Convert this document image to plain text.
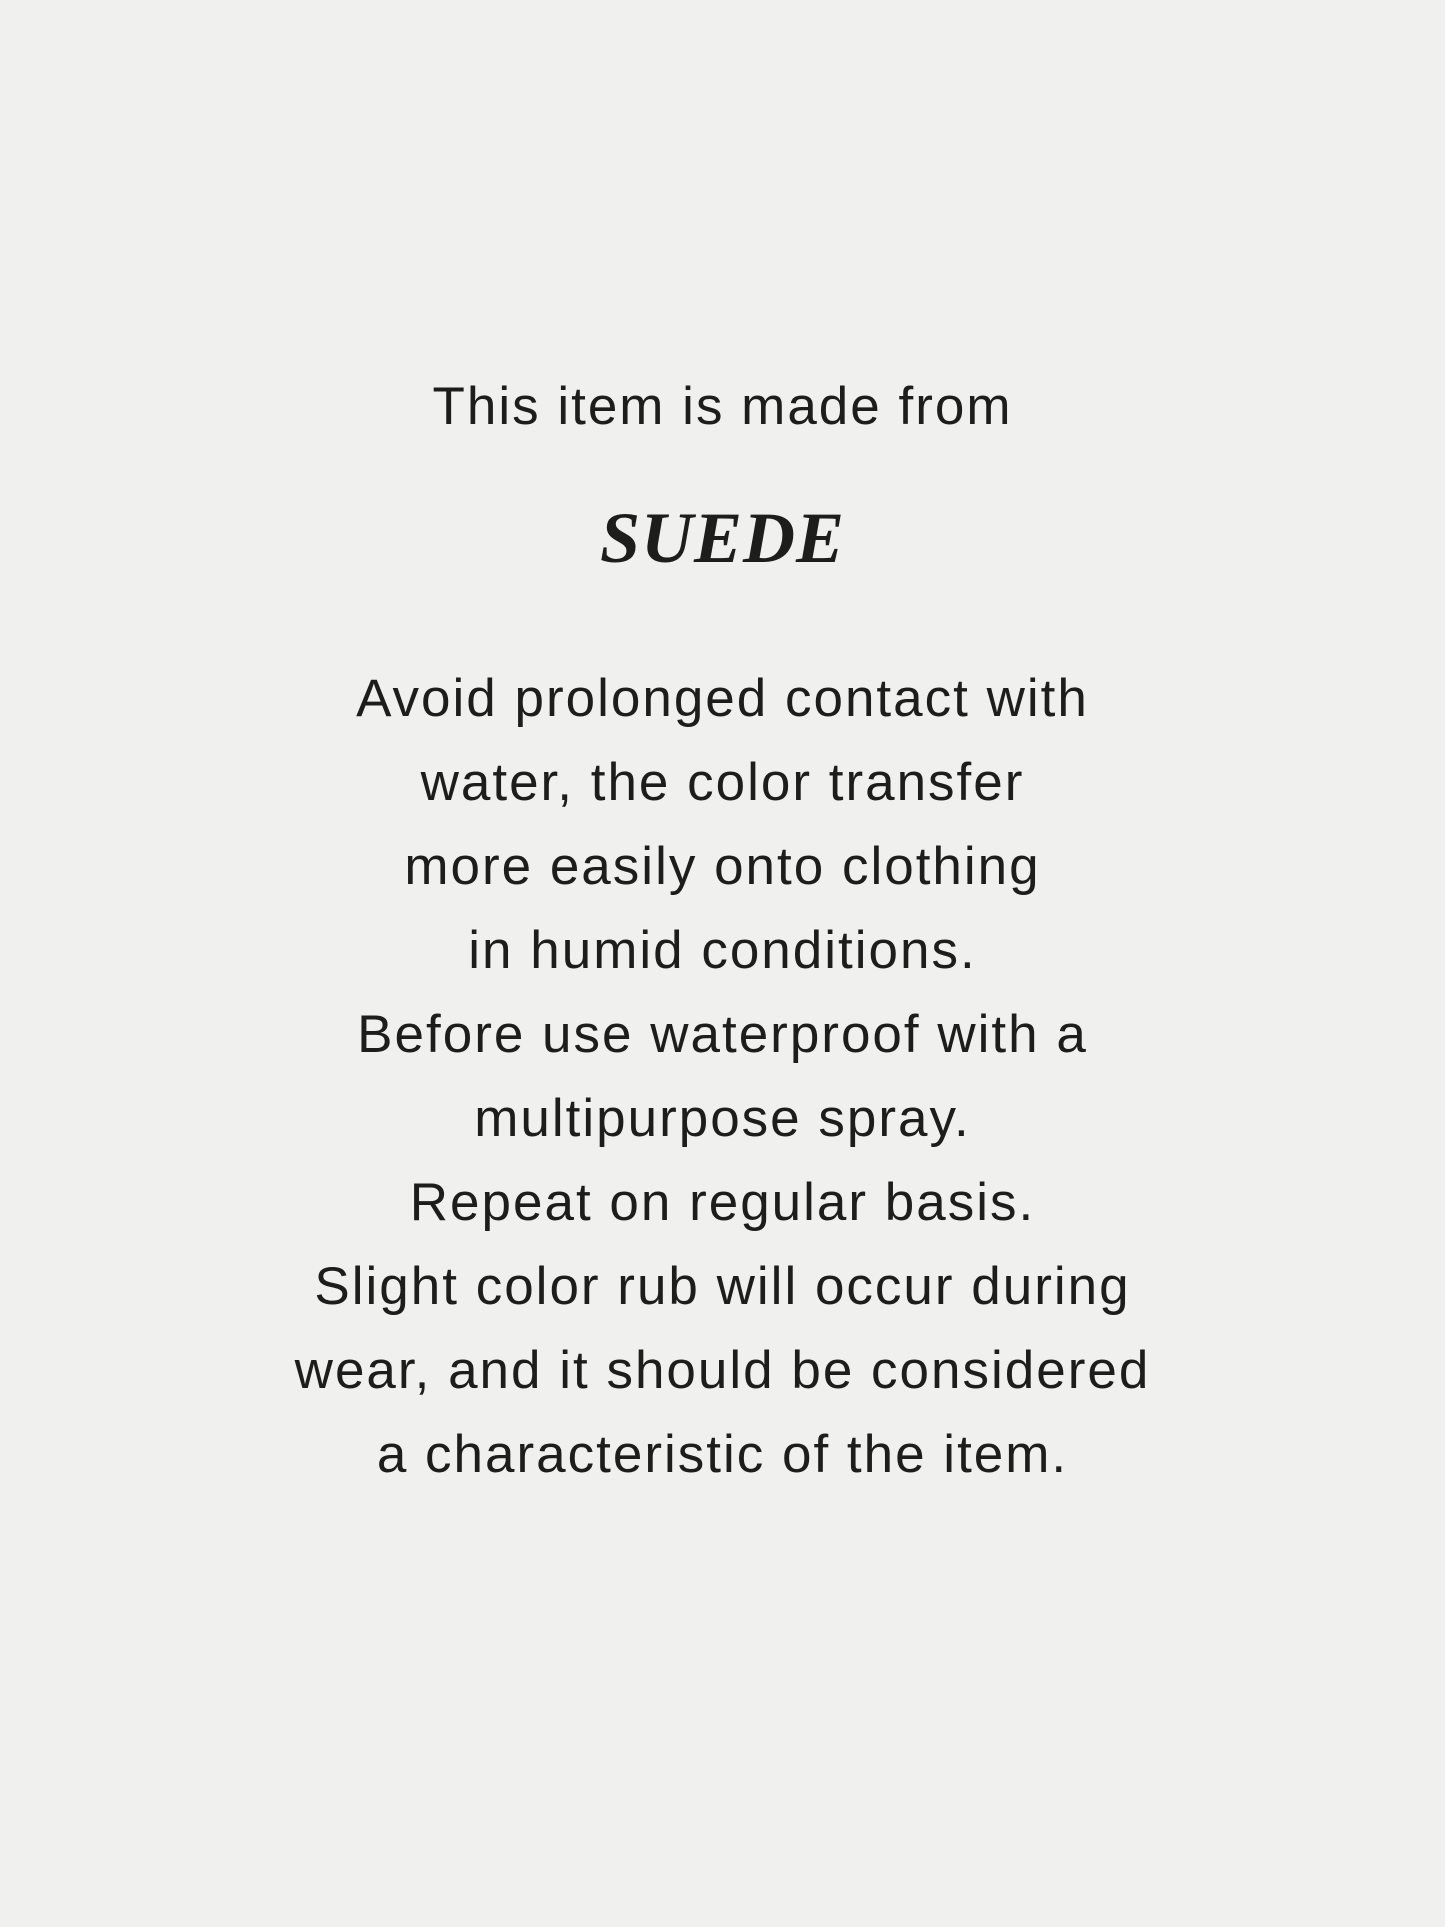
This item is made from
SUEDE
Avoid prolonged contact with
water, the color transfer
more easily onto clothing
in humid conditions.
Before use waterproof with a
multipurpose spray.
Repeat on regular basis.
Slight color rub will occur during
wear, and it should be considered
a characteristic of the item.
